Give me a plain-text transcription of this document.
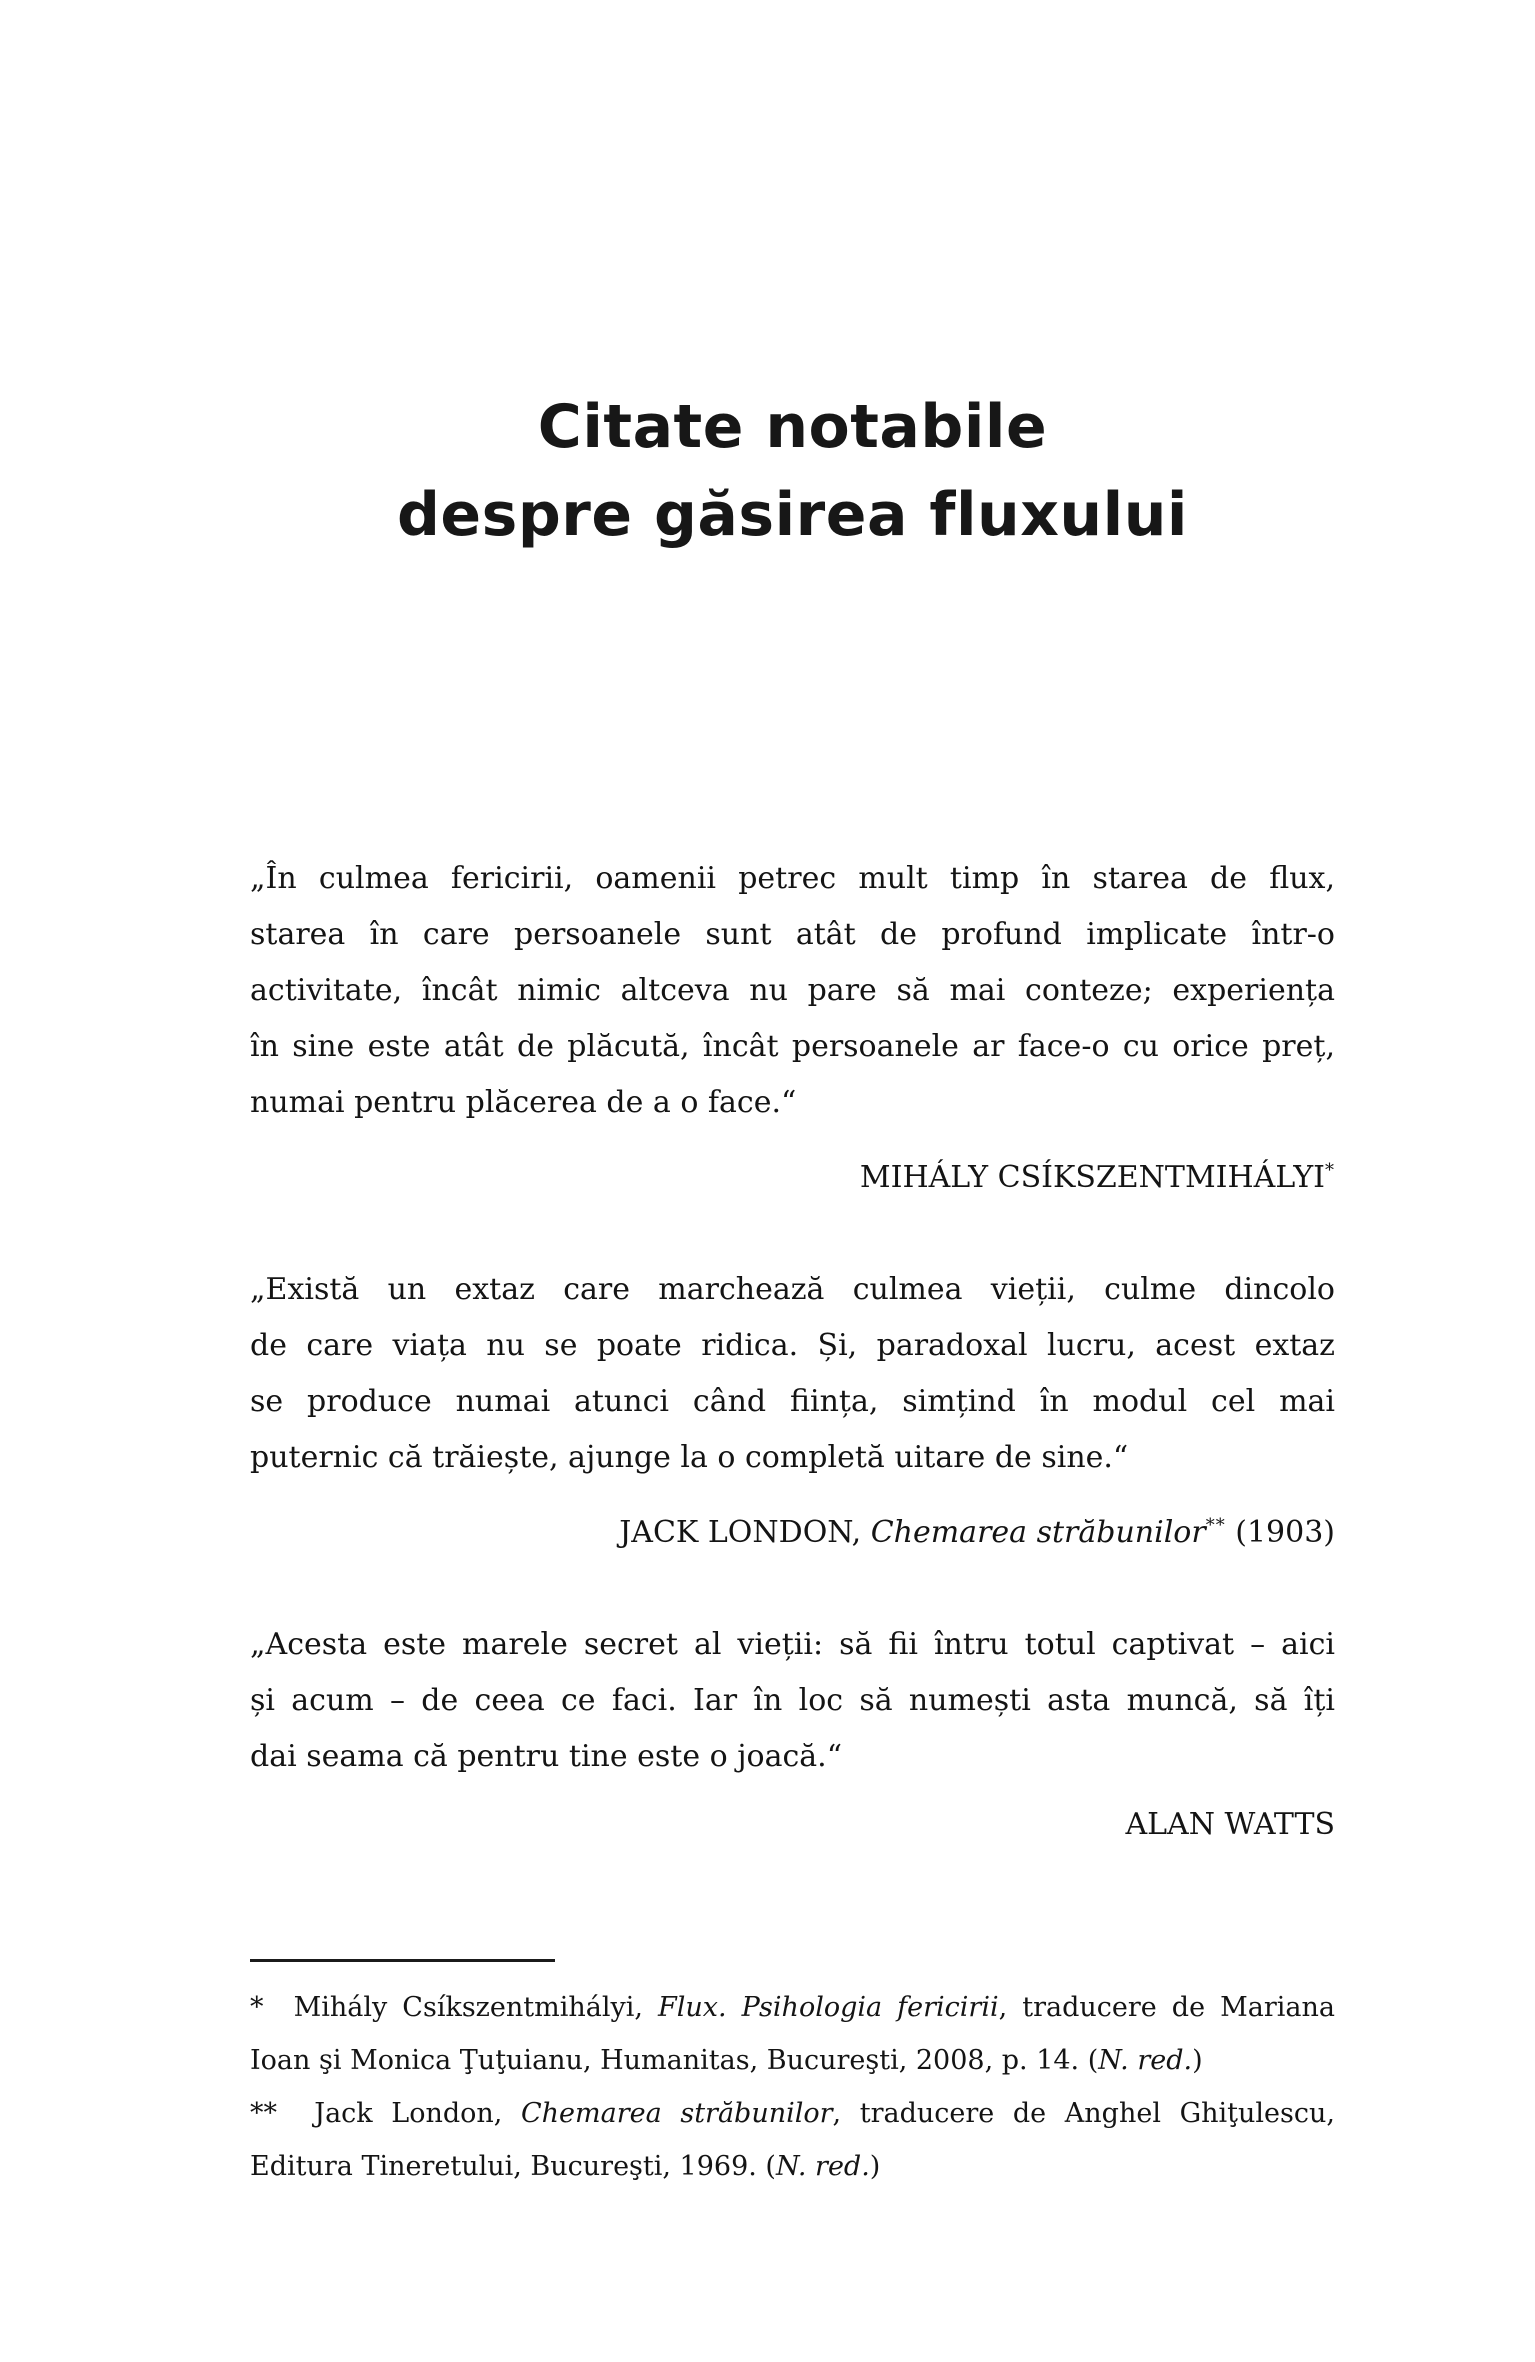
Citate notabile
despre găsirea fluxului
„În culmea fericirii, oamenii petrec mult timp în starea de flux,
starea în care persoanele sunt atât de profund implicate într-o
activitate, încât nimic altceva nu pare să mai conteze; experiența
în sine este atât de plăcută, încât persoanele ar face-o cu orice preț,
numai pentru plăcerea de a o face.“
MIHÁLY CSÍKSZENTMIHÁLYI*
„Există un extaz care marchează culmea vieții, culme dincolo
de care viața nu se poate ridica. Și, paradoxal lucru, acest extaz
se produce numai atunci când ființa, simțind în modul cel mai
puternic că trăiește, ajunge la o completă uitare de sine.“
JACK LONDON, Chemarea străbunilor** (1903)
„Acesta este marele secret al vieții: să fii întru totul captivat – aici
și acum – de ceea ce faci. Iar în loc să numești asta muncă, să îți
dai seama că pentru tine este o joacă.“
ALAN WATTS
*  Mihály Csíkszentmihályi, Flux. Psihologia fericirii, traducere de Mariana
Ioan şi Monica Ţuţuianu, Humanitas, Bucureşti, 2008, p. 14. (N. red.)
**  Jack London, Chemarea străbunilor, traducere de Anghel Ghiţulescu,
Editura Tineretului, Bucureşti, 1969. (N. red.)
